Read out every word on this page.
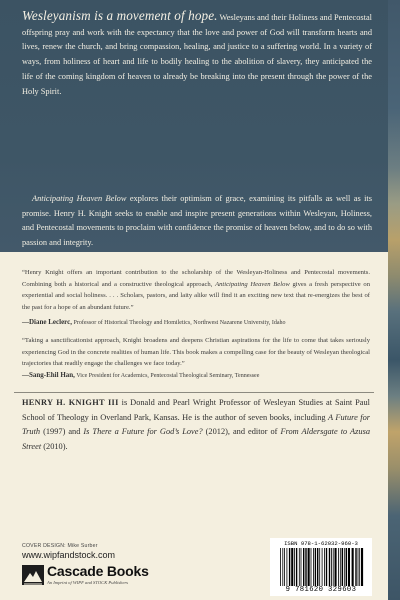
Wesleyanism is a movement of hope. Wesleyans and their Holiness and Pentecostal offspring pray and work with the expectancy that the love and power of God will transform hearts and lives, renew the church, and bring compassion, healing, and justice to a suffering world. In a variety of ways, from holiness of heart and life to bodily healing to the abolition of slavery, they anticipated the life of the coming kingdom of heaven to already be breaking into the present through the power of the Holy Spirit.

Anticipating Heaven Below explores their optimism of grace, examining its pitfalls as well as its promise. Henry H. Knight seeks to enable and inspire present generations within Wesleyan, Holiness, and Pentecostal movements to proclaim with confidence the promise of heaven below, and to do so with passion and integrity.

“Henry Knight offers an important contribution to the scholarship of the Wesleyan-Holiness and Pentecostal movements. Combining both a historical and a constructive theological approach, Anticipating Heaven Below gives a fresh perspective on experiential and social holiness. . . . Scholars, pastors, and laity alike will find it an exciting new text that re-energizes the best of the past for a hope of an abundant future.”

—Diane Leclerc, Professor of Historical Theology and Homiletics, Northwest Nazarene University, Idaho

“Taking a sanctificationist approach, Knight broadens and deepens Christian aspirations for the life to come that takes seriously experiencing God in the concrete realities of human life. This book makes a compelling case for the beauty of Wesleyan theological trajectories that readily engage the challenges we face today.”

—Sang-Ehil Han, Vice President for Academics, Pentecostal Theological Seminary, Tennessee

HENRY H. KNIGHT III is Donald and Pearl Wright Professor of Wesleyan Studies at Saint Paul School of Theology in Overland Park, Kansas. He is the author of seven books, including A Future for Truth (1997) and Is There a Future for God’s Love? (2012), and editor of From Aldersgate to Azusa Street (2010).

COVER DESIGN: Mike Surber

www.wipfandstock.com

Cascade Books

An Imprint of WIPF and STOCK Publishers

ISBN 978-1-62032-960-3

9 781620 329603
